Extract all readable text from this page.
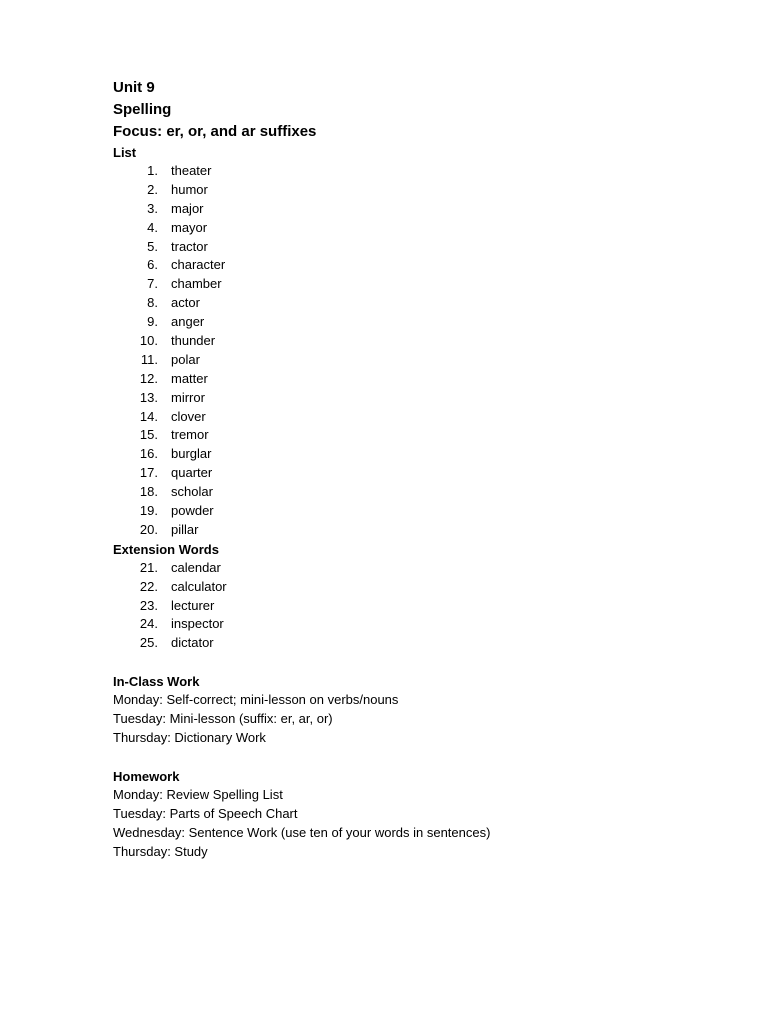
Unit 9

Spelling

Focus: er, or, and ar suffixes

List

1. theater
2. humor
3. major
4. mayor
5. tractor
6. character
7. chamber
8. actor
9. anger
10. thunder
11. polar
12. matter
13. mirror
14. clover
15. tremor
16. burglar
17. quarter
18. scholar
19. powder
20. pillar

Extension Words

21. calendar
22. calculator
23. lecturer
24. inspector
25. dictator

In-Class Work

Monday: Self-correct; mini-lesson on verbs/nouns

Tuesday: Mini-lesson (suffix: er, ar, or)

Thursday: Dictionary Work

Homework

Monday: Review Spelling List

Tuesday: Parts of Speech Chart

Wednesday: Sentence Work (use ten of your words in sentences)

Thursday: Study
